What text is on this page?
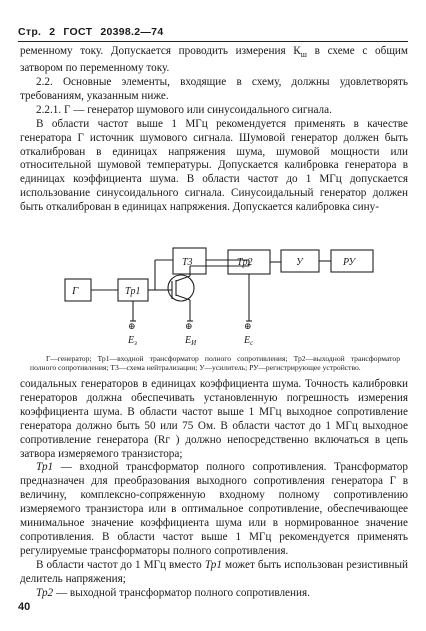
Стр. 2 ГОСТ 20398.2—74

ременному току. Допускается проводить измерения $К_ш$ в схеме с общим затвором по переменному току.

2.2. Основные элементы, входящие в схему, должны удовлетворять требованиям, указанным ниже.

2.2.1. Г — генератор шумового или синусоидального сигнала.

В области частот выше 1 МГц рекомендуется применять в качестве генератора Г источник шумового сигнала. Шумовой генератор должен быть откалиброван в единицах напряжения шума, шумовой мощности или относительной шумовой температуры. Допускается калибровка генератора в единицах коэффициента шума. В области частот до 1 МГц допускается использование синусоидального сигнала. Синусоидальный генератор должен быть откалиброван в единицах напряжения. Допускается калибровка сину-

Г	Tp1
T3	Tp2	У	РУ
⊕	⊕	⊕
$E_з$	$E_И$	$E_с$

Г—генератор; Тр1—входной трансформатор полного сопротивления; Тр2—выходной трансформатор полного сопротивления; Т3—схема нейтрализации; У—усилитель; РУ—регистрирующее устройство.

соидальных генераторов в единицах коэффициента шума. Точность калибровки генераторов должна обеспечивать установленную погрешность измерения коэффициента шума. В области частот выше 1 МГц выходное сопротивление генератора должно быть 50 или 75 Ом. В области частот до 1 МГц выходное сопротивление генератора (Rг ) должно непосредственно включаться в цепь затвора измеряемого транзистора;

Тр1 — входной трансформатор полного сопротивления. Трансформатор предназначен для преобразования выходного сопротивления генератора Г в величину, комплексно-сопряженную входному полному сопротивлению измеряемого транзистора или в оптимальное сопротивление, обеспечивающее минимальное значение коэффициента шума или в нормированное значение сопротивления. В области частот выше 1 МГц рекомендуется применять регулируемые трансформаторы полного сопротивления.

В области частот до 1 МГц вместо Тр1 может быть использован резистивный делитель напряжения;

Тр2 — выходной трансформатор полного сопротивления.

40
